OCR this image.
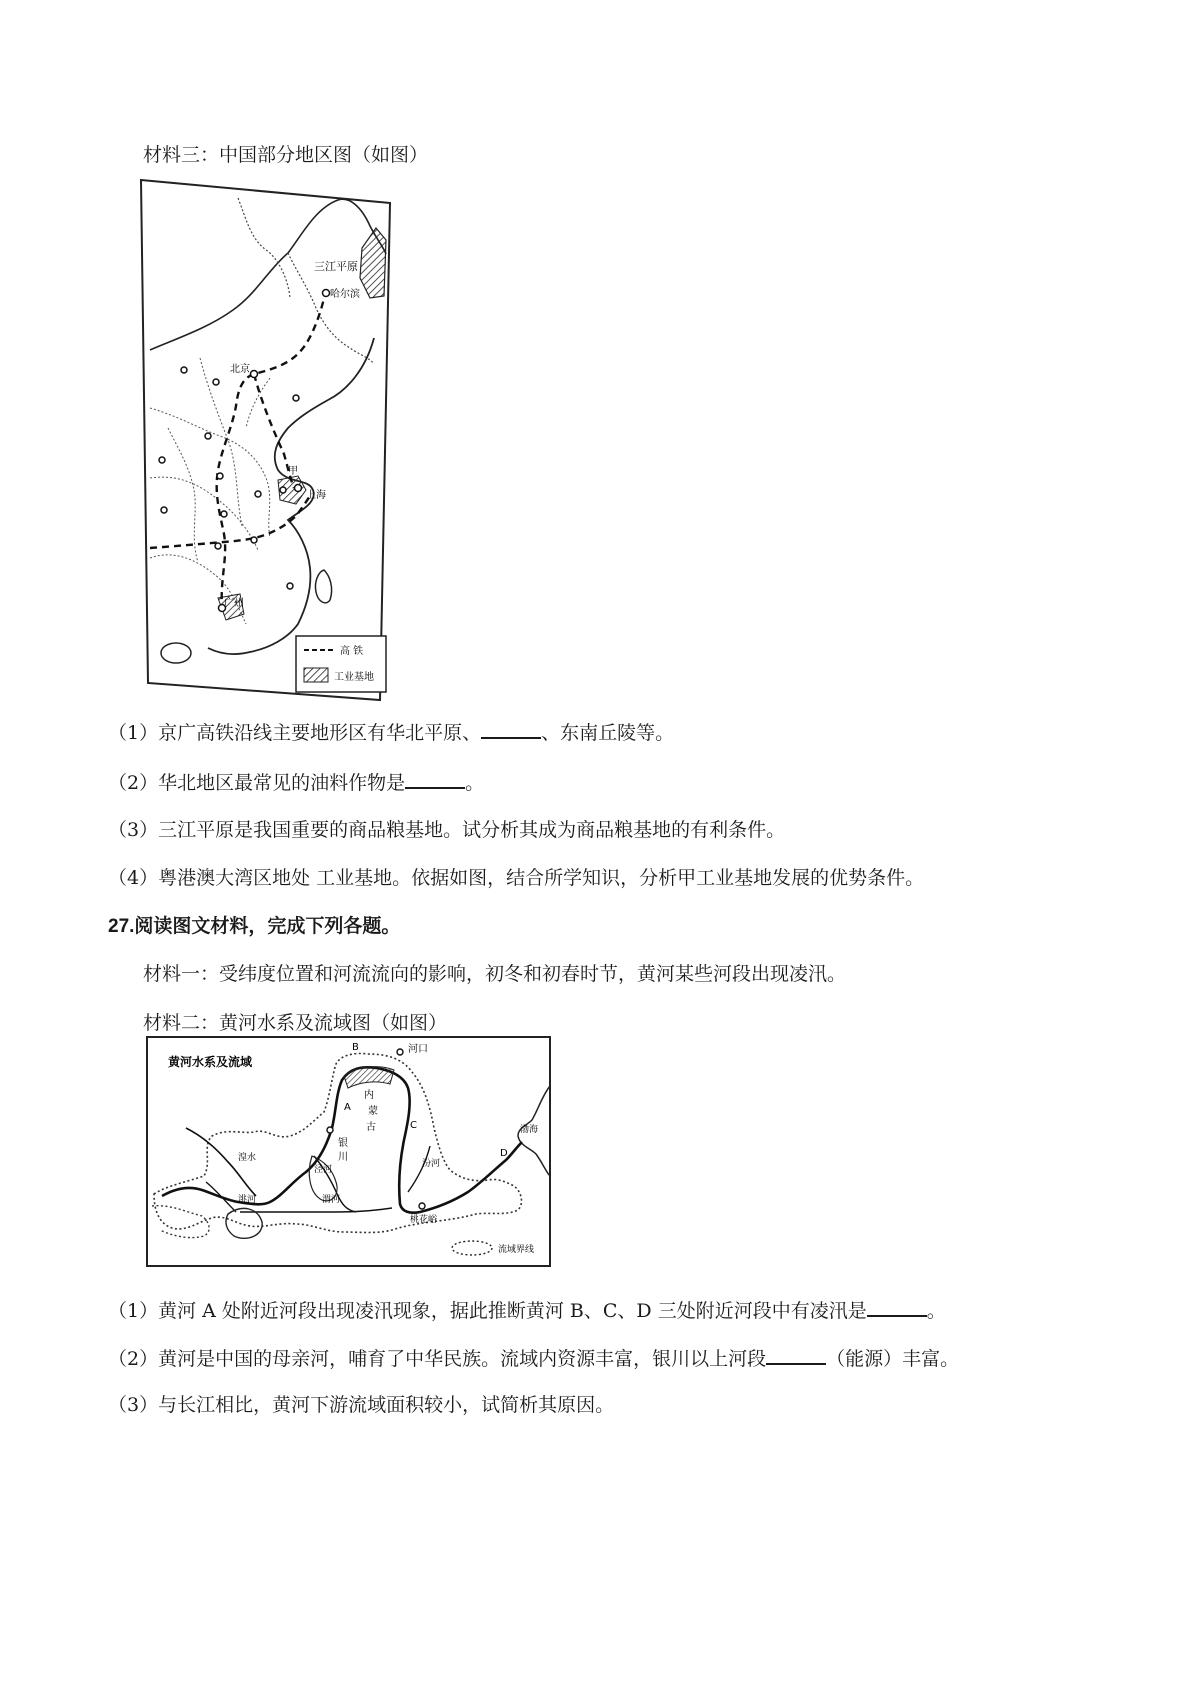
材料三：中国部分地区图（如图）
三江平原
哈尔滨
北京
甲
上海
广州
高 铁
工业基地
（1）京广高铁沿线主要地形区有华北平原、	、东南丘陵等。
（2）华北地区最常见的油料作物是	。
（3）三江平原是我国重要的商品粮基地。试分析其成为商品粮基地的有利条件。
（4）粤港澳大湾区地处 工业基地。依据如图，结合所学知识，分析甲工业基地发展的优势条件。
27.阅读图文材料，完成下列各题。
材料一：受纬度位置和河流流向的影响，初冬和初春时节，黄河某些河段出现凌汛。
材料二：黄河水系及流域图（如图）
黄河水系及流域
B	河口
内
蒙
古
A
银
川
C
D
渤海
湟水
洮河	渭河
泾河
汾河
桃花峪
流域界线
（1）黄河 A 处附近河段出现凌汛现象，据此推断黄河 B、C、D 三处附近河段中有凌汛是	。
（2）黄河是中国的母亲河，哺育了中华民族。流域内资源丰富，银川以上河段	（能源）丰富。
（3）与长江相比，黄河下游流域面积较小，试简析其原因。
